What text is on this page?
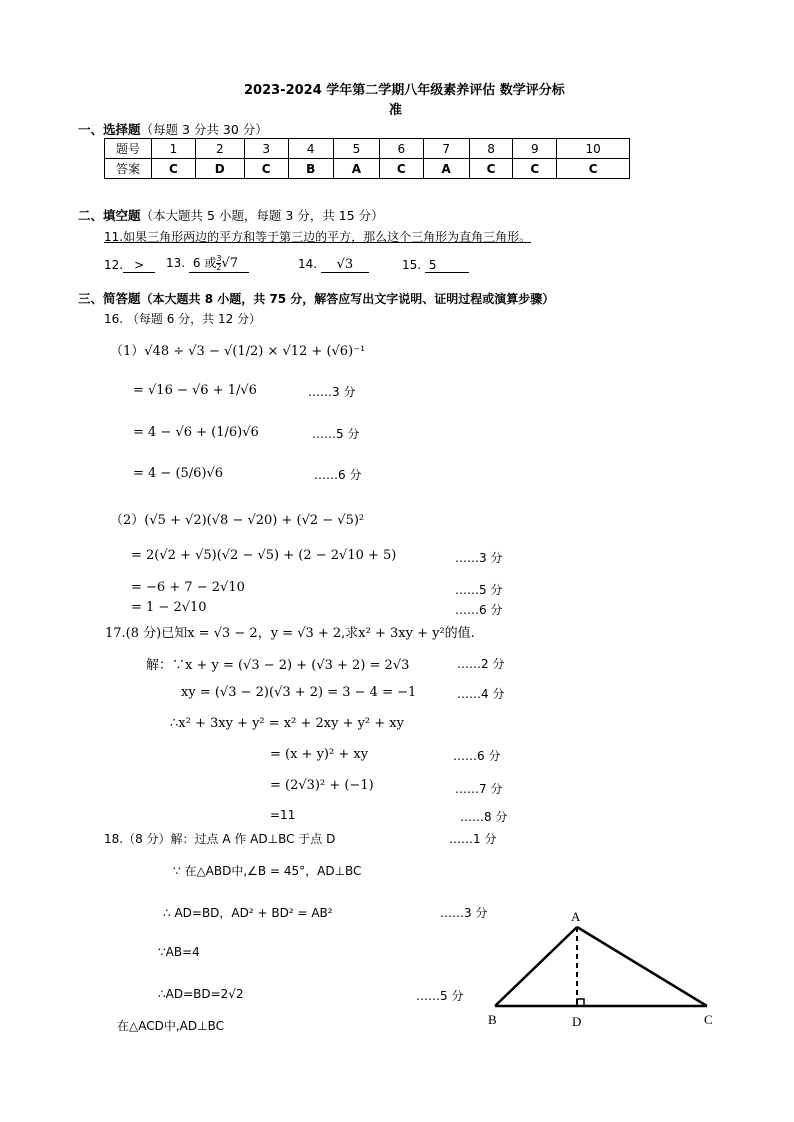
2023-2024 学年第二学期八年级素养评估 数学评分标
准
一、选择题（每题 3 分共 30 分）
题号	1	2	3	4	5	6	7	8	9	10
答案	C	D	C	B	A	C	A	C	C	C
二、填空题（本大题共 5 小题，每题 3 分，共 15 分）
11.如果三角形两边的平方和等于第三边的平方，那么这个三角形为直角三角形。
12. >	13. 6 或 $\frac{3}{2} √7$	14. √3	15. 5
三、简答题（本大题共 8 小题，共 75 分，解答应写出文字说明、证明过程或演算步骤）
16. （每题 6 分，共 12 分）
（1）√48 ÷ √3 − √(1/2) × √12 + (√6)⁻¹
= √16 − √6 + 1/√6	……3 分
= 4 − √6 + (1/6)√6	……5 分
= 4 − (5/6)√6	……6 分
（2）(√5 + √2)(√8 − √20) + (√2 − √5)²
= 2(√2 + √5)(√2 − √5) + (2 − 2√10 + 5)	……3 分
= −6 + 7 − 2√10	……5 分
= 1 − 2√10	……6 分
17.(8 分)已知x = √3 − 2，y = √3 + 2,求x² + 3xy + y²的值.
解：∵x + y = (√3 − 2) + (√3 + 2) = 2√3	……2 分
xy = (√3 − 2)(√3 + 2) = 3 − 4 = −1	……4 分
∴x² + 3xy + y² = x² + 2xy + y² + xy
= (x + y)² + xy	……6 分
= (2√3)² + (−1)	……7 分
=11	……8 分
18.（8 分）解：过点 A 作 AD⊥BC 于点 D	……1 分
∵ 在△ABD中,∠B = 45°，AD⊥BC
∴ AD=BD，AD² + BD² = AB²	……3 分
∵AB=4
∴AD=BD=2√2	……5 分
在△ACD中,AD⊥BC
A
B	D	C
